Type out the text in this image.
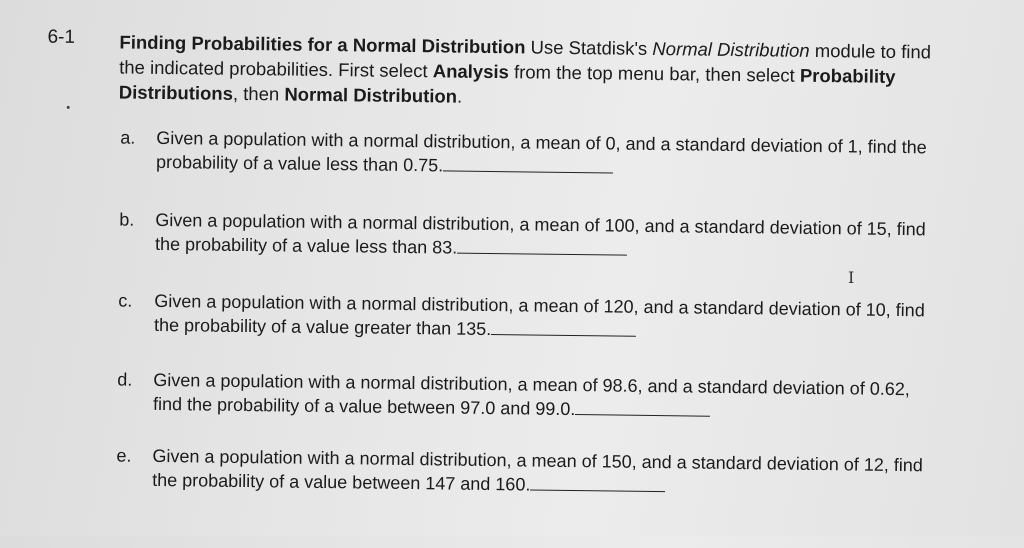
6-1 Finding Probabilities for a Normal Distribution Use Statdisk's Normal Distribution module to find the indicated probabilities. First select Analysis from the top menu bar, then select Probability Distributions, then Normal Distribution.
a. Given a population with a normal distribution, a mean of 0, and a standard deviation of 1, find the probability of a value less than 0.75.
b. Given a population with a normal distribution, a mean of 100, and a standard deviation of 15, find the probability of a value less than 83.
c. Given a population with a normal distribution, a mean of 120, and a standard deviation of 10, find the probability of a value greater than 135.
d. Given a population with a normal distribution, a mean of 98.6, and a standard deviation of 0.62, find the probability of a value between 97.0 and 99.0.
e. Given a population with a normal distribution, a mean of 150, and a standard deviation of 12, find the probability of a value between 147 and 160.
I
